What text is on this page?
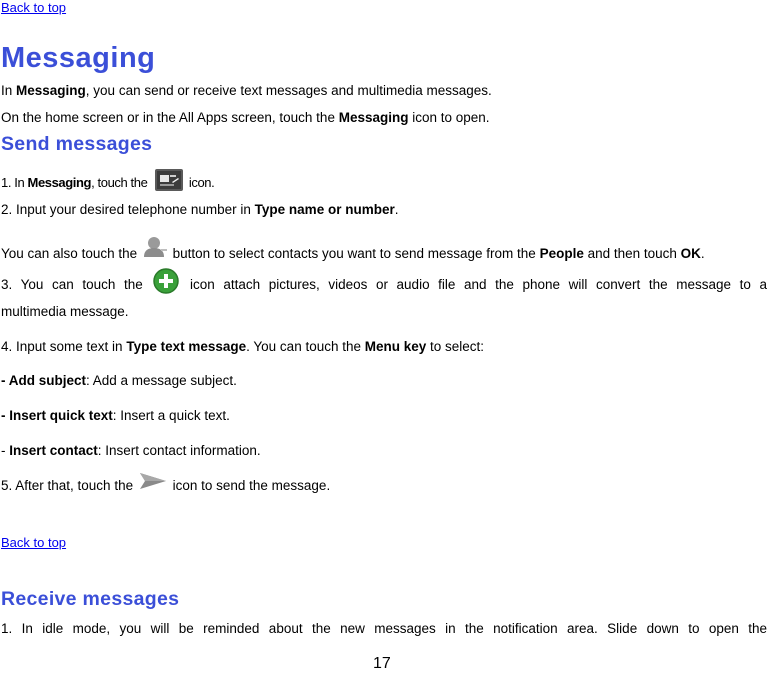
Back to top
Messaging
In Messaging, you can send or receive text messages and multimedia messages.
On the home screen or in the All Apps screen, touch the Messaging icon to open.
Send messages
1. In Messaging, touch the	icon.
2. Input your desired telephone number in Type name or number.
You can also touch the  button to select contacts you want to send message from the People and then touch OK.
3. You can touch the  icon attach pictures, videos or audio file and the phone will convert the message to a
multimedia message.
4. Input some text in Type text message. You can touch the Menu key to select:
- Add subject: Add a message subject.
- Insert quick text: Insert a quick text.
- Insert contact: Insert contact information.
5. After that, touch the  icon to send the message.
Back to top
Receive messages
1. In idle mode, you will be reminded about the new messages in the notification area. Slide down to open the
17
